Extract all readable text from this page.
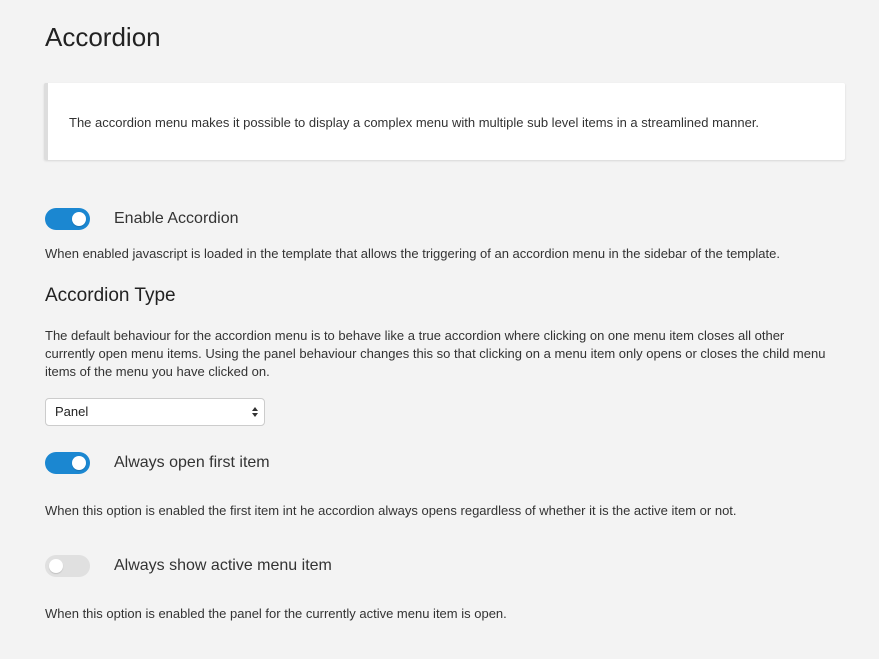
Accordion
The accordion menu makes it possible to display a complex menu with multiple sub level items in a streamlined manner.
Enable Accordion
When enabled javascript is loaded in the template that allows the triggering of an accordion menu in the sidebar of the template.
Accordion Type
The default behaviour for the accordion menu is to behave like a true accordion where clicking on one menu item closes all other currently open menu items. Using the panel behaviour changes this so that clicking on a menu item only opens or closes the child menu items of the menu you have clicked on.
Panel
Always open first item
When this option is enabled the first item int he accordion always opens regardless of whether it is the active item or not.
Always show active menu item
When this option is enabled the panel for the currently active menu item is open.
